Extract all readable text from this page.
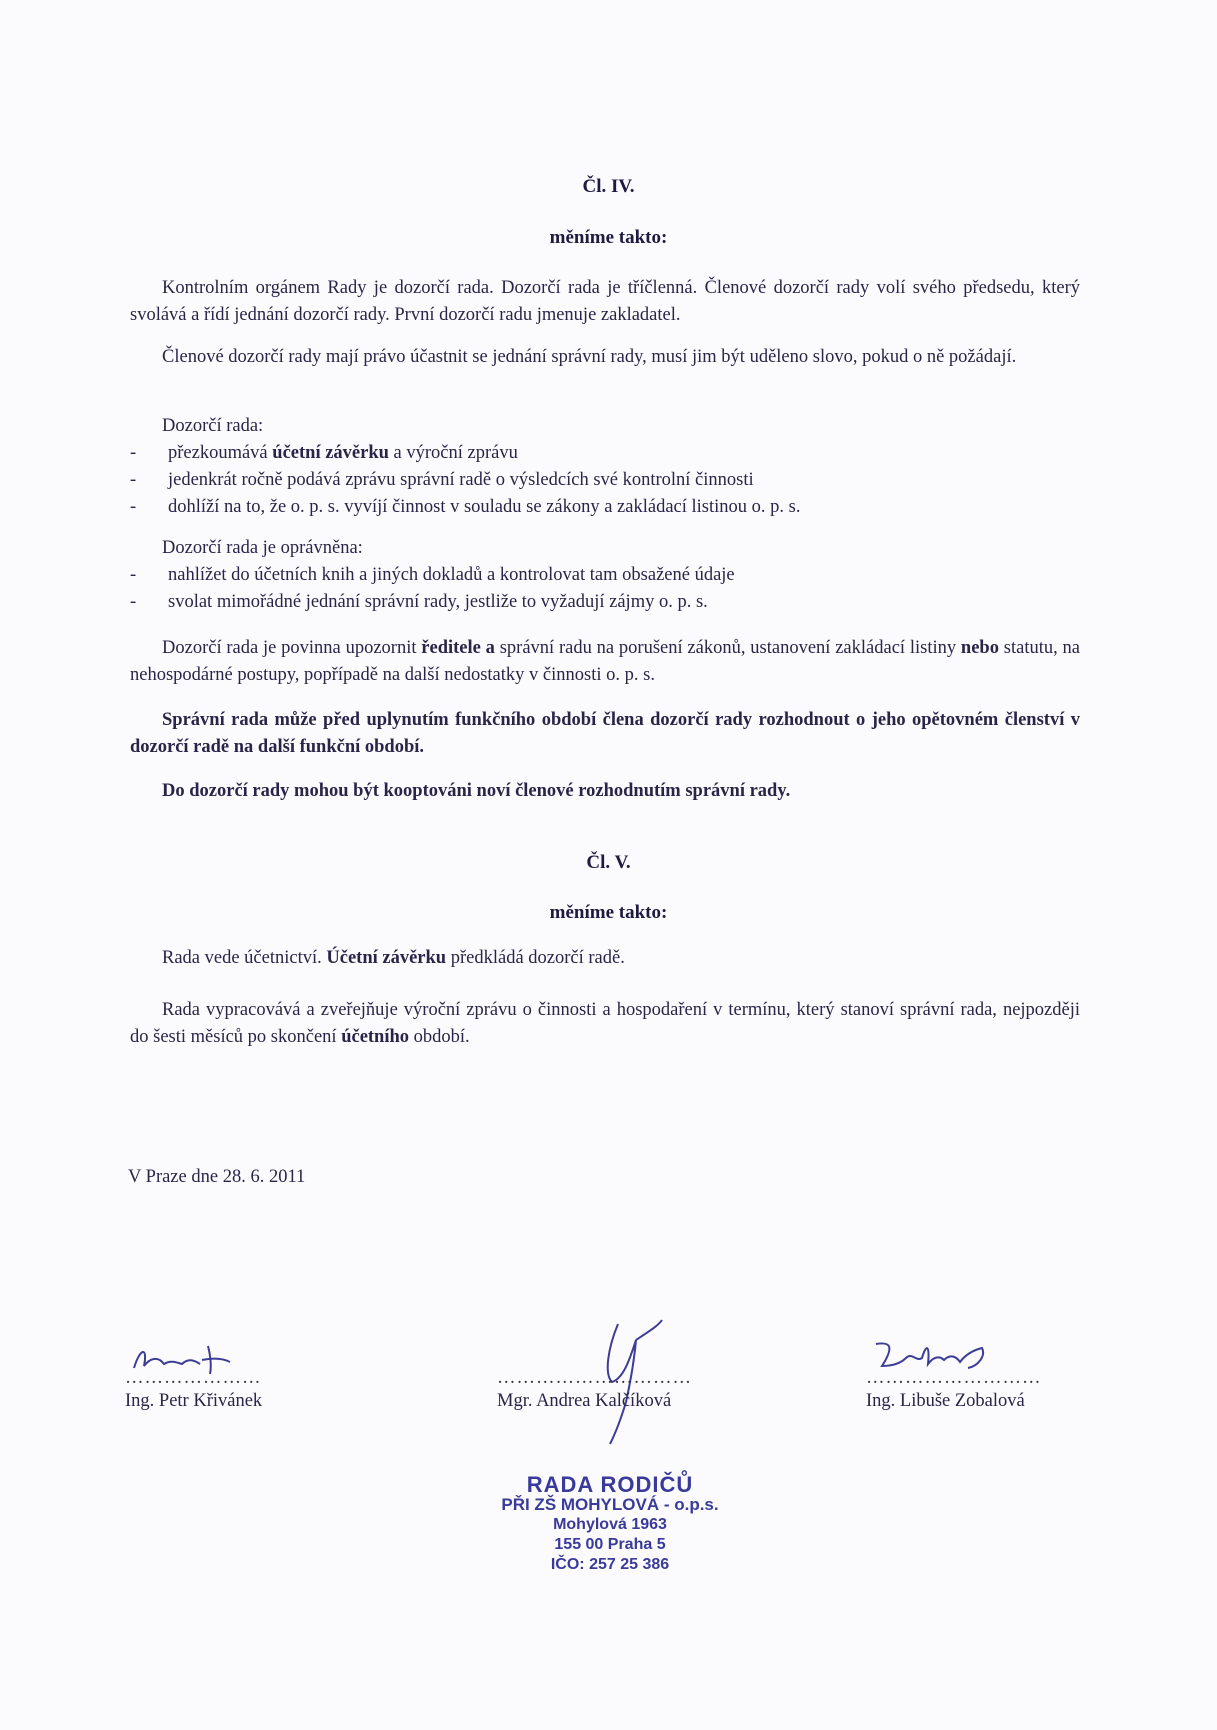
Čl. IV.
měníme takto:

Kontrolním orgánem Rady je dozorčí rada. Dozorčí rada je tříčlenná. Členové dozorčí rady volí svého předsedu, který svolává a řídí jednání dozorčí rady. První dozorčí radu jmenuje zakladatel.

Členové dozorčí rady mají právo účastnit se jednání správní rady, musí jim být uděleno slovo, pokud o ně požádají.

Dozorčí rada:
- přezkoumává účetní závěrku a výroční zprávu
- jedenkrát ročně podává zprávu správní radě o výsledcích své kontrolní činnosti
- dohlíží na to, že o. p. s. vyvíjí činnost v souladu se zákony a zakládací listinou o. p. s.
Dozorčí rada je oprávněna:
- nahlížet do účetních knih a jiných dokladů a kontrolovat tam obsažené údaje
- svolat mimořádné jednání správní rady, jestliže to vyžadují zájmy o. p. s.

Dozorčí rada je povinna upozornit ředitele a správní radu na porušení zákonů, ustanovení zakládací listiny nebo statutu, na nehospodárné postupy, popřípadě na další nedostatky v činnosti o. p. s.

Správní rada může před uplynutím funkčního období člena dozorčí rady rozhodnout o jeho opětovném členství v dozorčí radě na další funkční období.

Do dozorčí rady mohou být kooptováni noví členové rozhodnutím správní rady.

Čl. V.
měníme takto:

Rada vede účetnictví. Účetní závěrku předkládá dozorčí radě.

Rada vypracovává a zveřejňuje výroční zprávu o činnosti a hospodaření v termínu, který stanoví správní rada, nejpozději do šesti měsíců po skončení účetního období.

V Praze dne 28. 6. 2011
…………………
Ing. Petr Křivánek
…………………………
Mgr. Andrea Kalčíková
………………………
Ing. Libuše Zobalová
RADA RODIČŮ
PŘI ZŠ MOHYLOVÁ - o.p.s.
Mohylová 1963
155 00 Praha 5
IČO: 257 25 386
